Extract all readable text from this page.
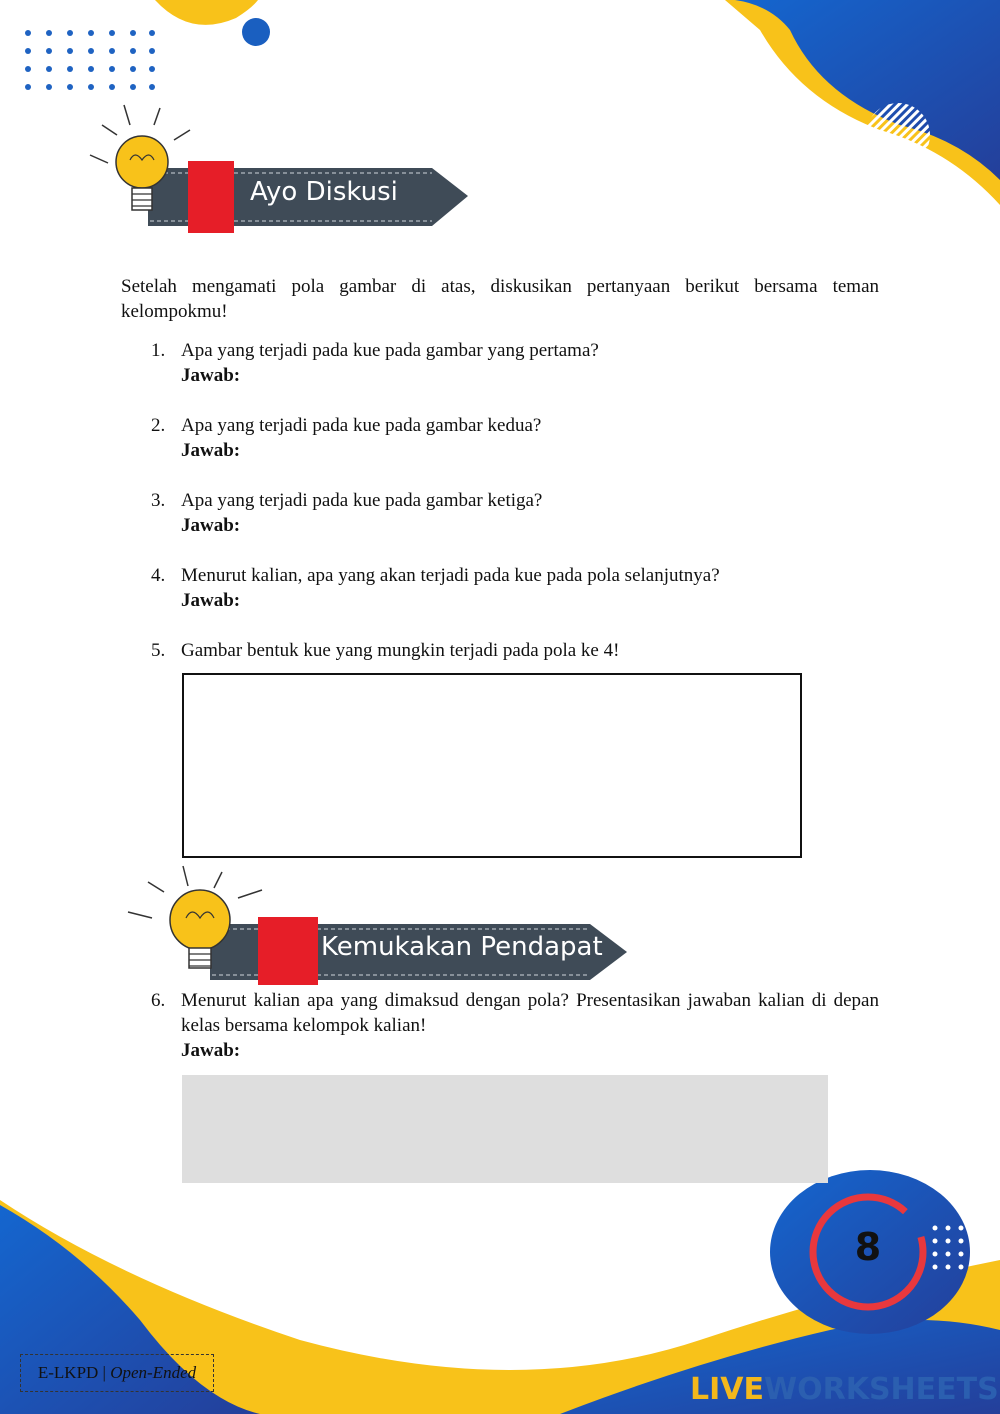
Ayo Diskusi
Setelah mengamati pola gambar di atas, diskusikan pertanyaan berikut bersama teman kelompokmu!
1. Apa yang terjadi pada kue pada gambar yang pertama?
Jawab:
2. Apa yang terjadi pada kue pada gambar kedua?
Jawab:
3. Apa yang terjadi pada kue pada gambar ketiga?
Jawab:
4. Menurut kalian, apa yang akan terjadi pada kue pada pola selanjutnya?
Jawab:
5. Gambar bentuk kue yang mungkin terjadi pada pola ke 4!
Kemukakan Pendapat
6. Menurut kalian apa yang dimaksud dengan pola? Presentasikan jawaban kalian di depan kelas bersama kelompok kalian!
Jawab:
8
E-LKPD | Open-Ended	LIVEWORKSHEETS
